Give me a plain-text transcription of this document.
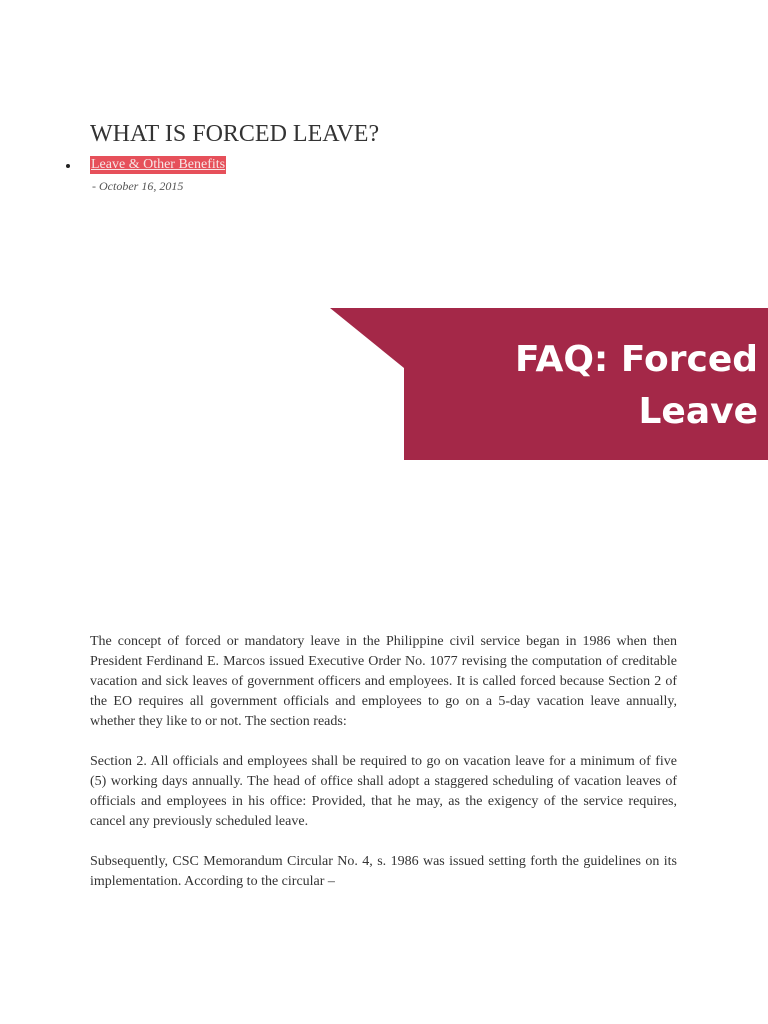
WHAT IS FORCED LEAVE?
Leave & Other Benefits
- October 16, 2015
FAQ: Forced
Leave

The concept of forced or mandatory leave in the Philippine civil service began in 1986 when then President Ferdinand E. Marcos issued Executive Order No. 1077 revising the computation of creditable vacation and sick leaves of government officers and employees. It is called forced because Section 2 of the EO requires all government officials and employees to go on a 5-day vacation leave annually, whether they like to or not. The section reads:

Section 2. All officials and employees shall be required to go on vacation leave for a minimum of five (5) working days annually. The head of office shall adopt a staggered scheduling of vacation leaves of officials and employees in his office: Provided, that he may, as the exigency of the service requires, cancel any previously scheduled leave.

Subsequently, CSC Memorandum Circular No. 4, s. 1986 was issued setting forth the guidelines on its implementation. According to the circular –
